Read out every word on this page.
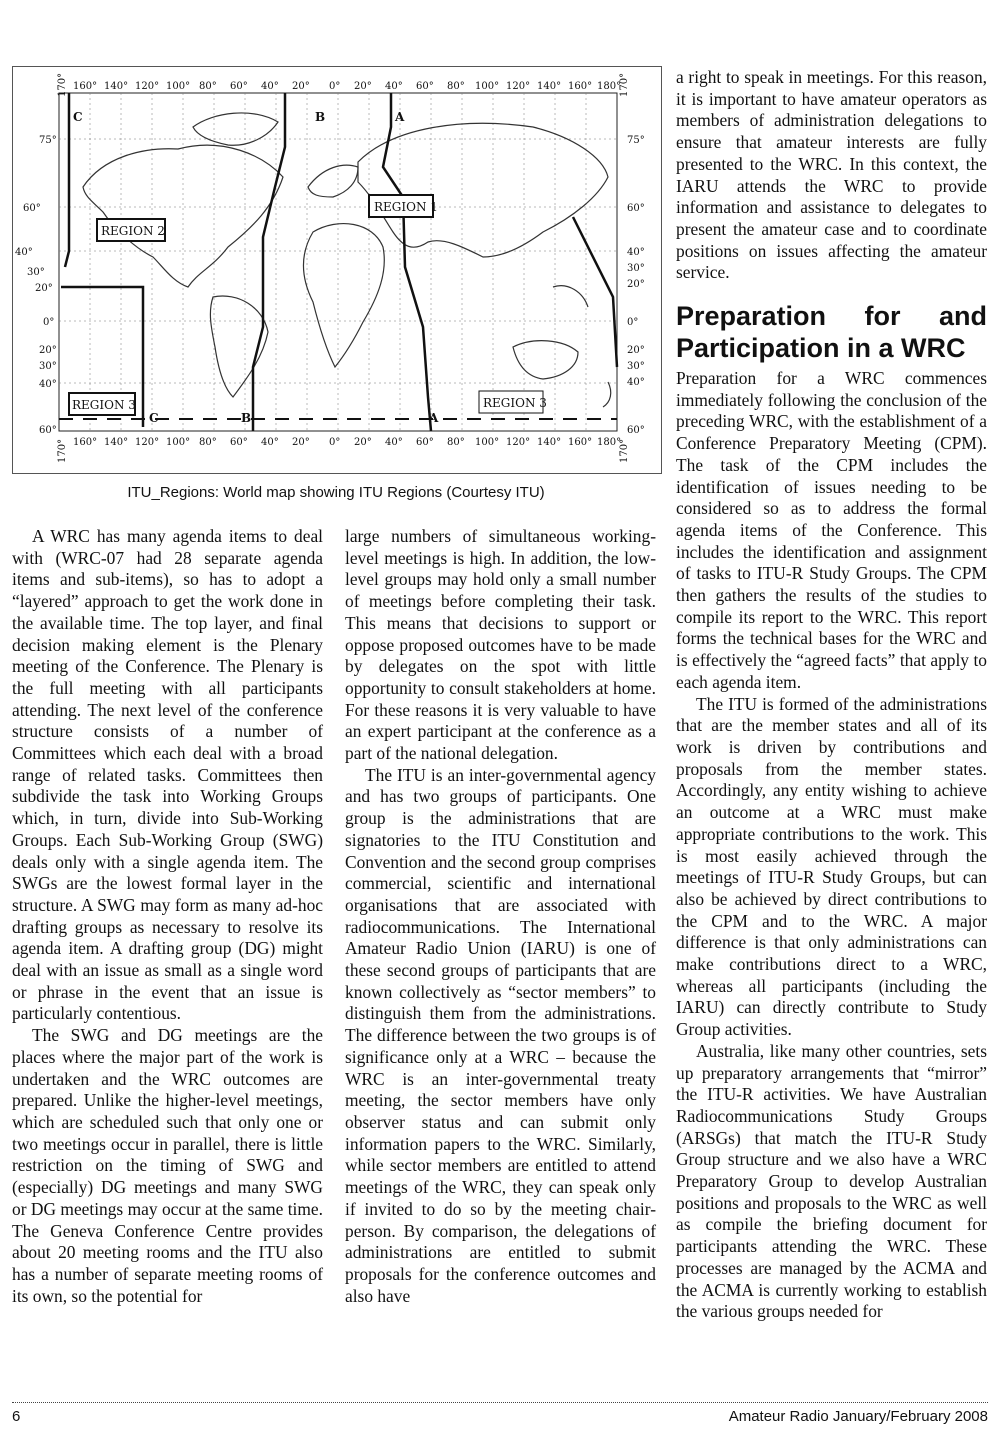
160° 140° 120° 100° 80° 60° 40° 20° 0° 20° 40° 60° 80° 100° 120° 140° 160° 180°
160° 140° 120° 100° 80° 60° 40° 20° 0° 20° 40° 60° 80° 100° 120° 140° 160° 180°
170°	170°
170°	170°
75°
60°
40°
30°
20°
0°
20°
30°
40°
60°
75°
60°
40°
30°
20°
0°
20°
30°
40°
60°
REGION 1
REGION 2
REGION 3	REGION 3
A
B
C
A
B
C
ITU_Regions: World map showing ITU Regions (Courtesy ITU)

A WRC has many agenda items to deal with (WRC-07 had 28 separate agenda items and sub-items), so has to adopt a “layered” approach to get the work done in the available time. The top layer, and final decision making element is the Plenary meeting of the Conference. The Plenary is the full meeting with all participants attending. The next level of the conference structure consists of a number of Committees which each deal with a broad range of related tasks. Committees then subdivide the task into Working Groups which, in turn, divide into Sub-Working Groups. Each Sub-Working Group (SWG) deals only with a single agenda item. The SWGs are the lowest formal layer in the structure. A SWG may form as many ad-hoc drafting groups as necessary to resolve its agenda item. A drafting group (DG) might deal with an issue as small as a single word or phrase in the event that an issue is particularly contentious.

The SWG and DG meetings are the places where the major part of the work is undertaken and the WRC outcomes are prepared. Unlike the higher-level meetings, which are scheduled such that only one or two meetings occur in parallel, there is little restriction on the timing of SWG and (especially) DG meetings and many SWG or DG meetings may occur at the same time. The Geneva Conference Centre provides about 20 meeting rooms and the ITU also has a number of separate meeting rooms of its own, so the potential for

large numbers of simultaneous working-level meetings is high. In addition, the low-level groups may hold only a small number of meetings before completing their task. This means that decisions to support or oppose proposed outcomes have to be made by delegates on the spot with little opportunity to consult stakeholders at home. For these reasons it is very valuable to have an expert participant at the conference as a part of the national delegation.

The ITU is an inter-governmental agency and has two groups of participants. One group is the administrations that are signatories to the ITU Constitution and Convention and the second group comprises commercial, scientific and international organisations that are associated with radiocommunications. The International Amateur Radio Union (IARU) is one of these second groups of participants that are known collectively as “sector members” to distinguish them from the administrations. The difference between the two groups is of significance only at a WRC – because the WRC is an inter-governmental treaty meeting, the sector members have only observer status and can submit only information papers to the WRC. Similarly, while sector members are entitled to attend meetings of the WRC, they can speak only if invited to do so by the meeting chair-person. By comparison, the delegations of administrations are entitled to submit proposals for the conference outcomes and also have

a right to speak in meetings. For this reason, it is important to have amateur operators as members of administration delegations to ensure that amateur interests are fully presented to the WRC. In this context, the IARU attends the WRC to provide information and assistance to delegates to present the amateur case and to coordinate positions on issues affecting the amateur service.

Preparation for and Participation in a WRC

Preparation for a WRC commences immediately following the conclusion of the preceding WRC, with the establishment of a Conference Preparatory Meeting (CPM). The task of the CPM includes the identification of issues needing to be considered so as to address the formal agenda items of the Conference. This includes the identification and assignment of tasks to ITU-R Study Groups. The CPM then gathers the results of the studies to compile its report to the WRC. This report forms the technical bases for the WRC and is effectively the “agreed facts” that apply to each agenda item.

The ITU is formed of the administrations that are the member states and all of its work is driven by contributions and proposals from the member states. Accordingly, any entity wishing to achieve an outcome at a WRC must make appropriate contributions to the work. This is most easily achieved through the meetings of ITU-R Study Groups, but can also be achieved by direct contributions to the CPM and to the WRC. A major difference is that only administrations can make contributions direct to a WRC, whereas all participants (including the IARU) can directly contribute to Study Group activities.

Australia, like many other countries, sets up preparatory arrangements that “mirror” the ITU-R activities. We have Australian Radiocommunications Study Groups (ARSGs) that match the ITU-R Study Group structure and we also have a WRC Preparatory Group to develop Australian positions and proposals to the WRC as well as compile the briefing document for participants attending the WRC. These processes are managed by the ACMA and the ACMA is currently working to establish the various groups needed for

6	Amateur Radio January/February 2008
